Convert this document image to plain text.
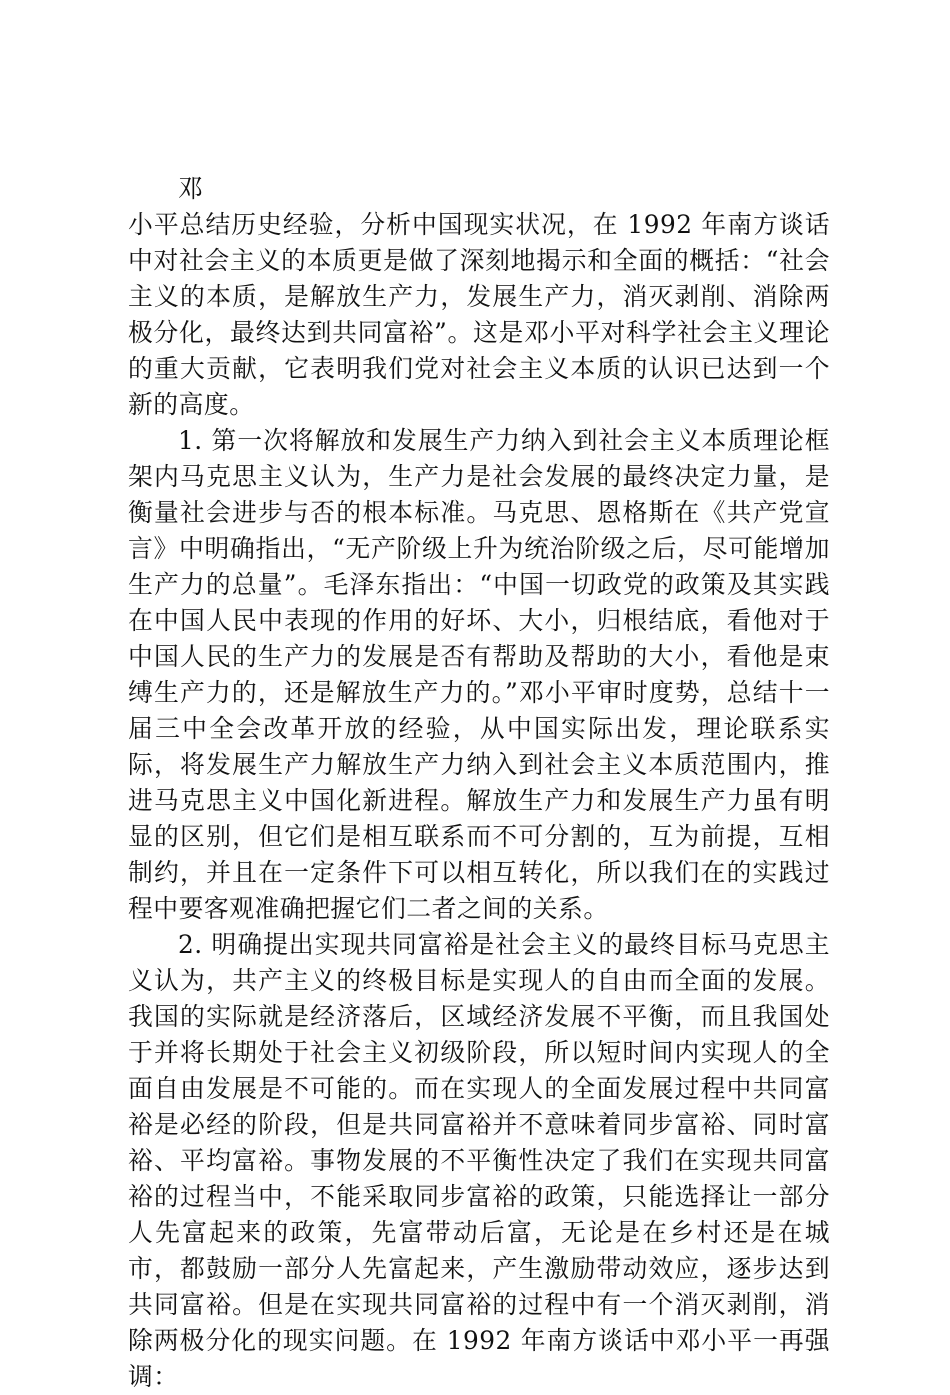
邓

小平总结历史经验，分析中国现实状况，在 1992 年南方谈话中对社会主义的本质更是做了深刻地揭示和全面的概括：“社会主义的本质，是解放生产力，发展生产力，消灭剥削、消除两极分化，最终达到共同富裕”。这是邓小平对科学社会主义理论的重大贡献，它表明我们党对社会主义本质的认识已达到一个新的高度。

1. 第一次将解放和发展生产力纳入到社会主义本质理论框架内马克思主义认为，生产力是社会发展的最终决定力量，是衡量社会进步与否的根本标准。马克思、恩格斯在《共产党宣言》中明确指出，“无产阶级上升为统治阶级之后，尽可能增加生产力的总量”。毛泽东指出：“中国一切政党的政策及其实践在中国人民中表现的作用的好坏、大小，归根结底，看他对于中国人民的生产力的发展是否有帮助及帮助的大小，看他是束缚生产力的，还是解放生产力的。”邓小平审时度势，总结十一届三中全会改革开放的经验，从中国实际出发，理论联系实际，将发展生产力解放生产力纳入到社会主义本质范围内，推进马克思主义中国化新进程。解放生产力和发展生产力虽有明显的区别，但它们是相互联系而不可分割的，互为前提，互相制约，并且在一定条件下可以相互转化，所以我们在的实践过程中要客观准确把握它们二者之间的关系。

2. 明确提出实现共同富裕是社会主义的最终目标马克思主义认为，共产主义的终极目标是实现人的自由而全面的发展。我国的实际就是经济落后，区域经济发展不平衡，而且我国处于并将长期处于社会主义初级阶段，所以短时间内实现人的全面自由发展是不可能的。而在实现人的全面发展过程中共同富裕是必经的阶段，但是共同富裕并不意味着同步富裕、同时富裕、平均富裕。事物发展的不平衡性决定了我们在实现共同富裕的过程当中，不能采取同步富裕的政策，只能选择让一部分人先富起来的政策，先富带动后富，无论是在乡村还是在城市，都鼓励一部分人先富起来，产生激励带动效应，逐步达到共同富裕。但是在实现共同富裕的过程中有一个消灭剥削，消除两极分化的现实问题。在 1992 年南方谈话中邓小平一再强调：
